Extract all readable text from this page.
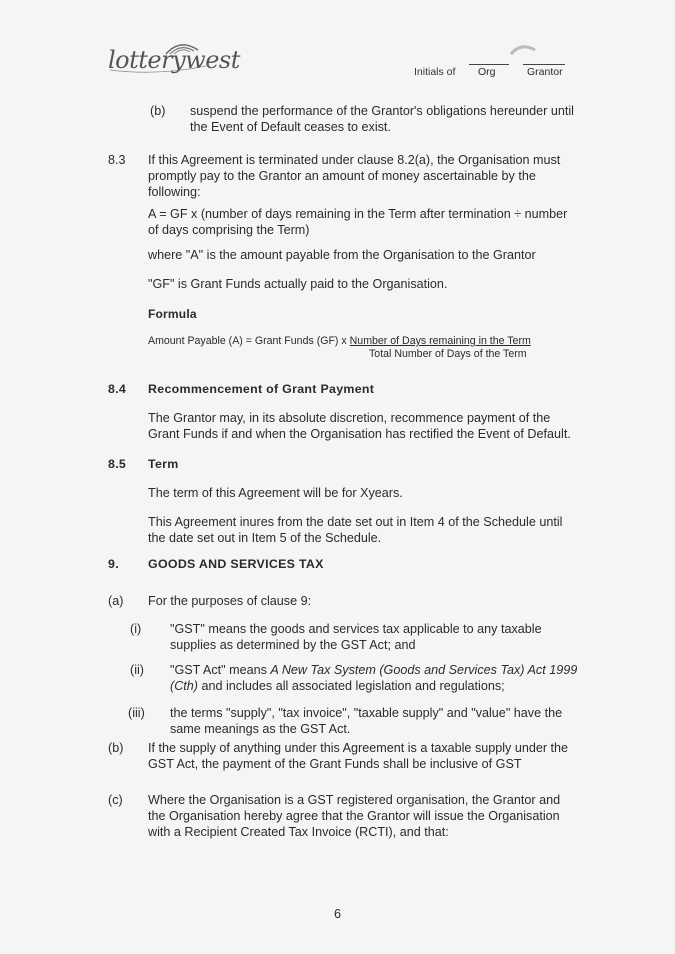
lotterywest	Initials of Org	Grantor
(b) suspend the performance of the Grantor's obligations hereunder until
the Event of Default ceases to exist.
8.3 If this Agreement is terminated under clause 8.2(a), the Organisation must
promptly pay to the Grantor an amount of money ascertainable by the
following:
A = GF x (number of days remaining in the Term after termination ÷ number
of days comprising the Term)
where "A" is the amount payable from the Organisation to the Grantor
"GF" is Grant Funds actually paid to the Organisation.
Formula
Amount Payable (A) = Grant Funds (GF) x Number of Days remaining in the Term
Total Number of Days of the Term
8.4 Recommencement of Grant Payment
The Grantor may, in its absolute discretion, recommence payment of the
Grant Funds if and when the Organisation has rectified the Event of Default.
8.5 Term
The term of this Agreement will be for Xyears.
This Agreement inures from the date set out in Item 4 of the Schedule until
the date set out in Item 5 of the Schedule.
9. GOODS AND SERVICES TAX
(a) For the purposes of clause 9:
(i) "GST" means the goods and services tax applicable to any taxable
supplies as determined by the GST Act; and
(ii) "GST Act" means A New Tax System (Goods and Services Tax) Act 1999
(Cth) and includes all associated legislation and regulations;
(iii) the terms "supply", "tax invoice", "taxable supply" and "value" have the
same meanings as the GST Act.
(b) If the supply of anything under this Agreement is a taxable supply under the
GST Act, the payment of the Grant Funds shall be inclusive of GST
(c) Where the Organisation is a GST registered organisation, the Grantor and
the Organisation hereby agree that the Grantor will issue the Organisation
with a Recipient Created Tax Invoice (RCTI), and that:
6
